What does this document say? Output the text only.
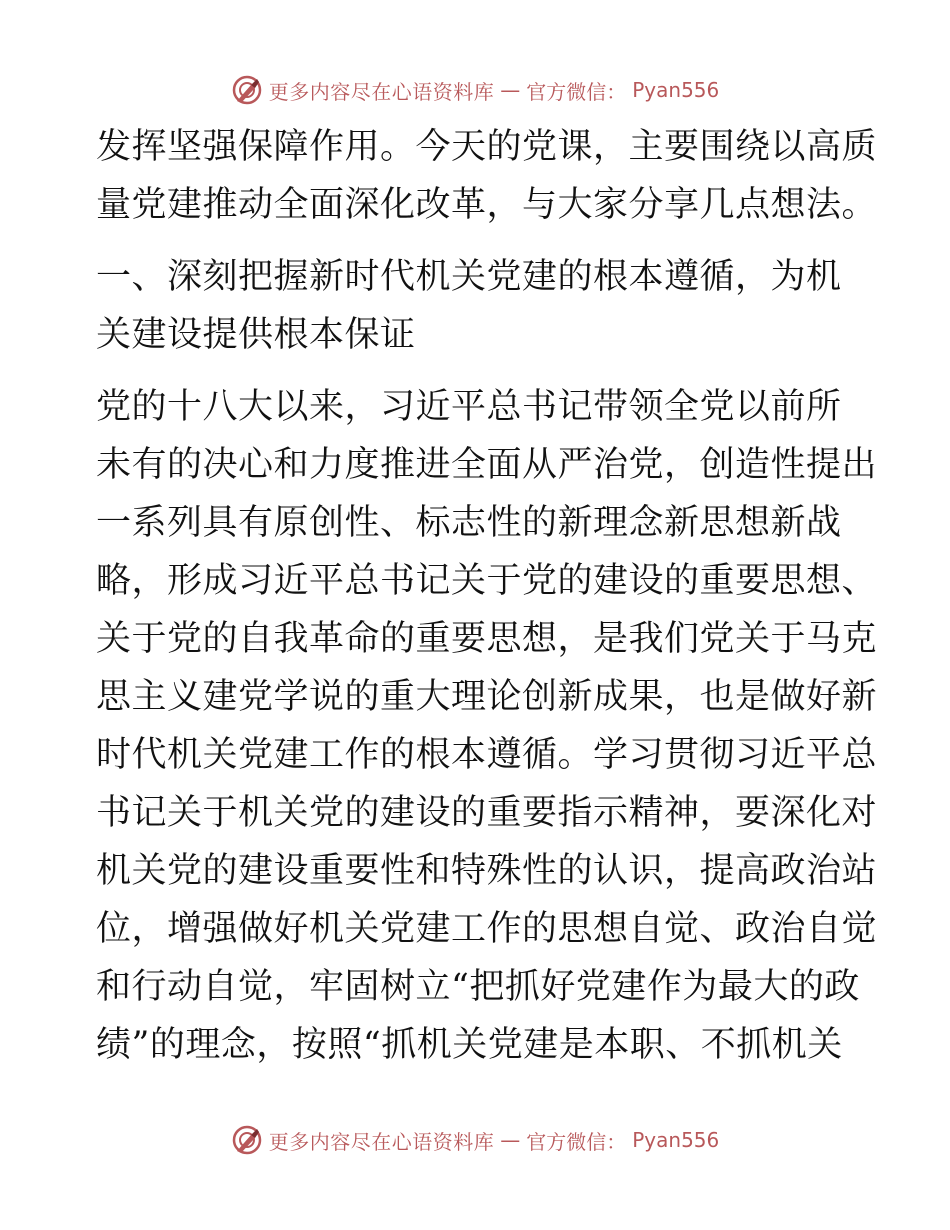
更多内容尽在心语资料库 — 官方微信： Pyan556
发挥坚强保障作用。今天的党课，主要围绕以高质
量党建推动全面深化改革，与大家分享几点想法。
一、深刻把握新时代机关党建的根本遵循，为机
关建设提供根本保证
党的十八大以来，习近平总书记带领全党以前所
未有的决心和力度推进全面从严治党，创造性提出
一系列具有原创性、标志性的新理念新思想新战
略，形成习近平总书记关于党的建设的重要思想、
关于党的自我革命的重要思想，是我们党关于马克
思主义建党学说的重大理论创新成果，也是做好新
时代机关党建工作的根本遵循。学习贯彻习近平总
书记关于机关党的建设的重要指示精神，要深化对
机关党的建设重要性和特殊性的认识，提高政治站
位，增强做好机关党建工作的思想自觉、政治自觉
和行动自觉，牢固树立“把抓好党建作为最大的政
绩”的理念，按照“抓机关党建是本职、不抓机关
更多内容尽在心语资料库 — 官方微信： Pyan556
